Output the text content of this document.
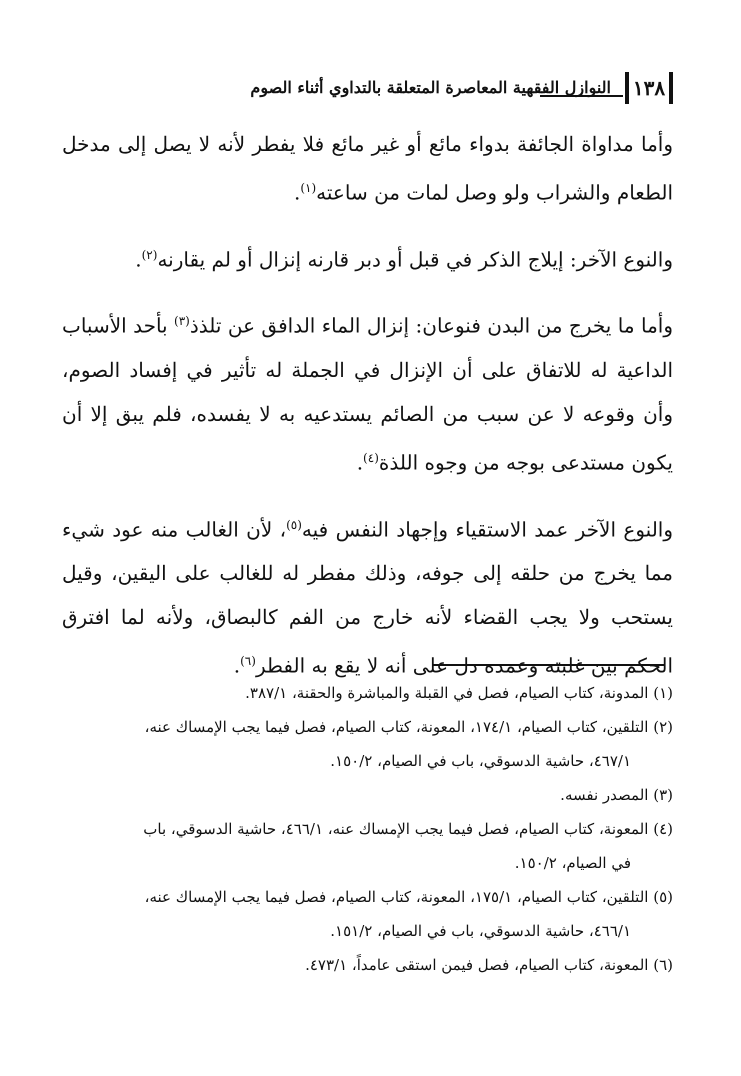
١٣٨
النوازل الفقهية المعاصرة المتعلقة بالتداوي أثناء الصوم

وأما مداواة الجائفة بدواء مائع أو غير مائع فلا يفطر لأنه لا يصل إلى مدخل الطعام والشراب ولو وصل لمات من ساعته$^{(١)}$.

والنوع الآخر: إيلاج الذكر في قبل أو دبر قارنه إنزال أو لم يقارنه$^{(٢)}$.

وأما ما يخرج من البدن فنوعان: إنزال الماء الدافق عن تلذذ$^{(٣)}$ بأحد الأسباب الداعية له للاتفاق على أن الإنزال في الجملة له تأثير في إفساد الصوم، وأن وقوعه لا عن سبب من الصائم يستدعيه به لا يفسده، فلم يبق إلا أن يكون مستدعى بوجه من وجوه اللذة$^{(٤)}$.

والنوع الآخر عمد الاستقياء وإجهاد النفس فيه$^{(٥)}$، لأن الغالب منه عود شيء مما يخرج من حلقه إلى جوفه، وذلك مفطر له للغالب على اليقين، وقيل يستحب ولا يجب القضاء لأنه خارج من الفم كالبصاق، ولأنه لما افترق الحكم بين غلبته وعمده دل على أنه لا يقع به الفطر$^{(٦)}$.

(١) المدونة، كتاب الصيام، فصل في القبلة والمباشرة والحقنة، ٣٨٧/١.

(٢) التلقين، كتاب الصيام، ١٧٤/١، المعونة، كتاب الصيام، فصل فيما يجب الإمساك عنه،
٤٦٧/١، حاشية الدسوقي، باب في الصيام، ١٥٠/٢.

(٣) المصدر نفسه.

(٤) المعونة، كتاب الصيام، فصل فيما يجب الإمساك عنه، ٤٦٦/١، حاشية الدسوقي، باب
في الصيام، ١٥٠/٢.

(٥) التلقين، كتاب الصيام، ١٧٥/١، المعونة، كتاب الصيام، فصل فيما يجب الإمساك عنه،
٤٦٦/١، حاشية الدسوقي، باب في الصيام، ١٥١/٢.

(٦) المعونة، كتاب الصيام، فصل فيمن استقى عامداً، ٤٧٣/١.
